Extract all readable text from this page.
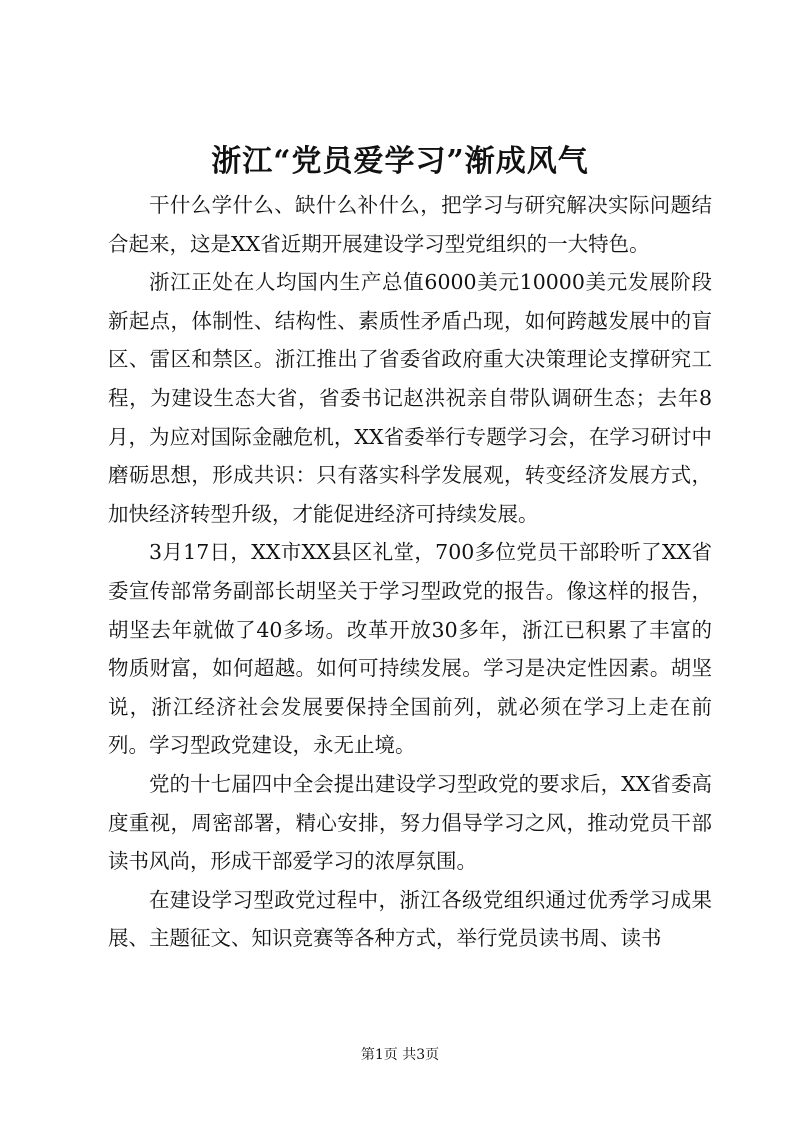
浙江“党员爱学习”渐成风气

干什么学什么、缺什么补什么，把学习与研究解决实际问题结合起来，这是XX省近期开展建设学习型党组织的一大特色。

浙江正处在人均国内生产总值6000美元10000美元发展阶段新起点，体制性、结构性、素质性矛盾凸现，如何跨越发展中的盲区、雷区和禁区。浙江推出了省委省政府重大决策理论支撑研究工程，为建设生态大省，省委书记赵洪祝亲自带队调研生态；去年8月，为应对国际金融危机，XX省委举行专题学习会，在学习研讨中磨砺思想，形成共识：只有落实科学发展观，转变经济发展方式，加快经济转型升级，才能促进经济可持续发展。

3月17日，XX市XX县区礼堂，700多位党员干部聆听了XX省委宣传部常务副部长胡坚关于学习型政党的报告。像这样的报告，胡坚去年就做了40多场。改革开放30多年，浙江已积累了丰富的物质财富，如何超越。如何可持续发展。学习是决定性因素。胡坚说，浙江经济社会发展要保持全国前列，就必须在学习上走在前列。学习型政党建设，永无止境。

党的十七届四中全会提出建设学习型政党的要求后，XX省委高度重视，周密部署，精心安排，努力倡导学习之风，推动党员干部读书风尚，形成干部爱学习的浓厚氛围。

在建设学习型政党过程中，浙江各级党组织通过优秀学习成果展、主题征文、知识竞赛等各种方式，举行党员读书周、读书

第1页 共3页
